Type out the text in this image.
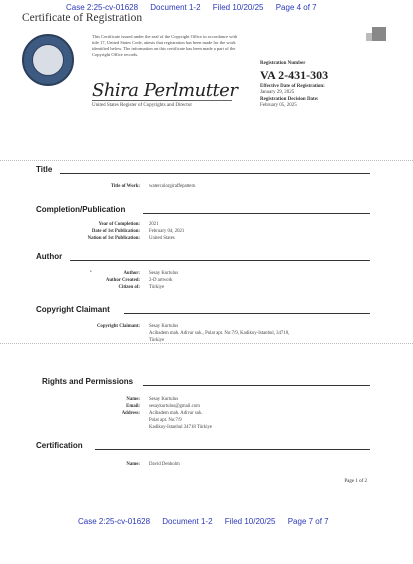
Case 2:25-cv-01628 Document 1-2 Filed 10/20/25 Page 4 of 7
Certificate of Registration
This Certificate issued under the seal of the Copyright Office in accordance with title 17, United States Code, attests that registration has been made for the work identified below. The information on this certificate has been made a part of the Copyright Office records.
Shira Perlmutter
United States Register of Copyrights and Director
Registration Number
VA 2-431-303
Effective Date of Registration:
January 29, 2025
Registration Decision Date:
February 05, 2025
Title
Title of Work: watercolorgiraffepattern
Completion/Publication
Year of Completion: 2021
Date of 1st Publication: February 04, 2021
Nation of 1st Publication: United States
Author
•	Author: Sesay Kurtulus
Author Created: 2-D artwork
Citizen of: Türkiye
Copyright Claimant
Copyright Claimant: Sesay Kurtulus
Acibadem mah. Adivar sok., Polat apt. No:7/9, Kadikoy-Istanbul, 34718,
Türkiye
Rights and Permissions
Name: Sesay Kurtulus
Email: sesaykurtulus@gmail.com
Address: Acibadem mah. Adivar sok.
Polat apt. No:7/9
Kadikoy-Istanbul 34718 Türkiye
Certification
Name: David Denholm
Page 1 of 2
Case 2:25-cv-01628 Document 1-2 Filed 10/20/25 Page 7 of 7
